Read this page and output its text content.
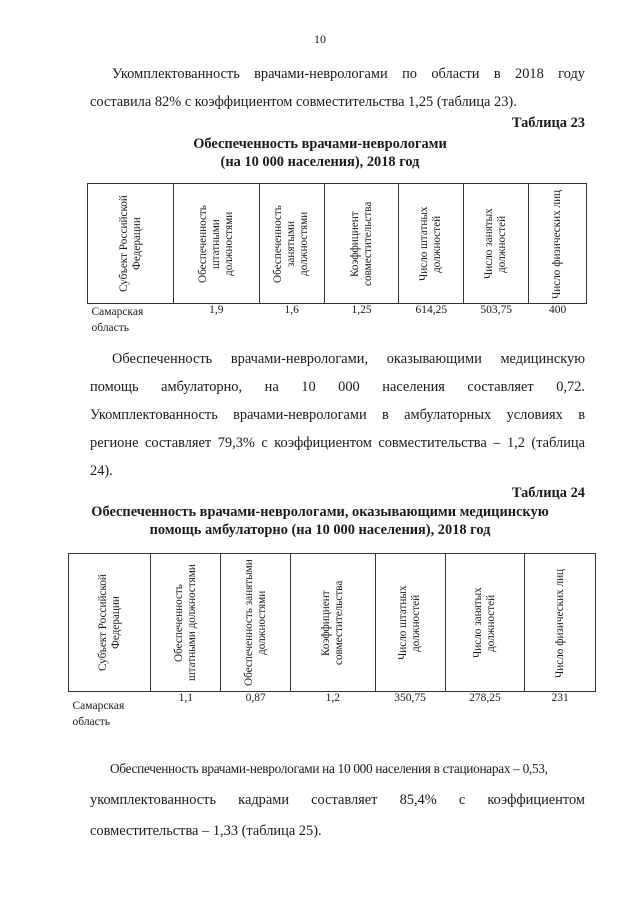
10
Укомплектованность врачами-неврологами по области в 2018 году
составила 82% с коэффициентом совместительства 1,25 (таблица 23).
Таблица 23
Обеспеченность врачами-неврологами
(на 10 000 населения), 2018 год
Субъект Российской Федерации	Обеспеченность штатными должностями	Обеспеченность занятыми должностями	Коэффициент совместительства	Число штатных должностей	Число занятых должностей	Число физических лиц

Самарская область	1,9	1,6	1,25	614,25	503,75	400
Обеспеченность врачами-неврологами, оказывающими медицинскую
помощь амбулаторно, на 10 000 населения составляет 0,72.
Укомплектованность врачами-неврологами в амбулаторных условиях в
регионе составляет 79,3% с коэффициентом совместительства – 1,2 (таблица
24).
Таблица 24
Обеспеченность врачами-неврологами, оказывающими медицинскую
помощь амбулаторно (на 10 000 населения), 2018 год
Субъект Российской Федерации	Обеспеченность штатными должностями	Обеспеченность занятыми должностями	Коэффициент совместительства	Число штатных должностей	Число занятых должностей	Число физических лиц

Самарская область	1,1	0,87	1,2	350,75	278,25	231
Обеспеченность врачами-неврологами на 10 000 населения в стационарах – 0,53,
укомплектованность кадрами составляет 85,4% с коэффициентом
совместительства – 1,33 (таблица 25).
